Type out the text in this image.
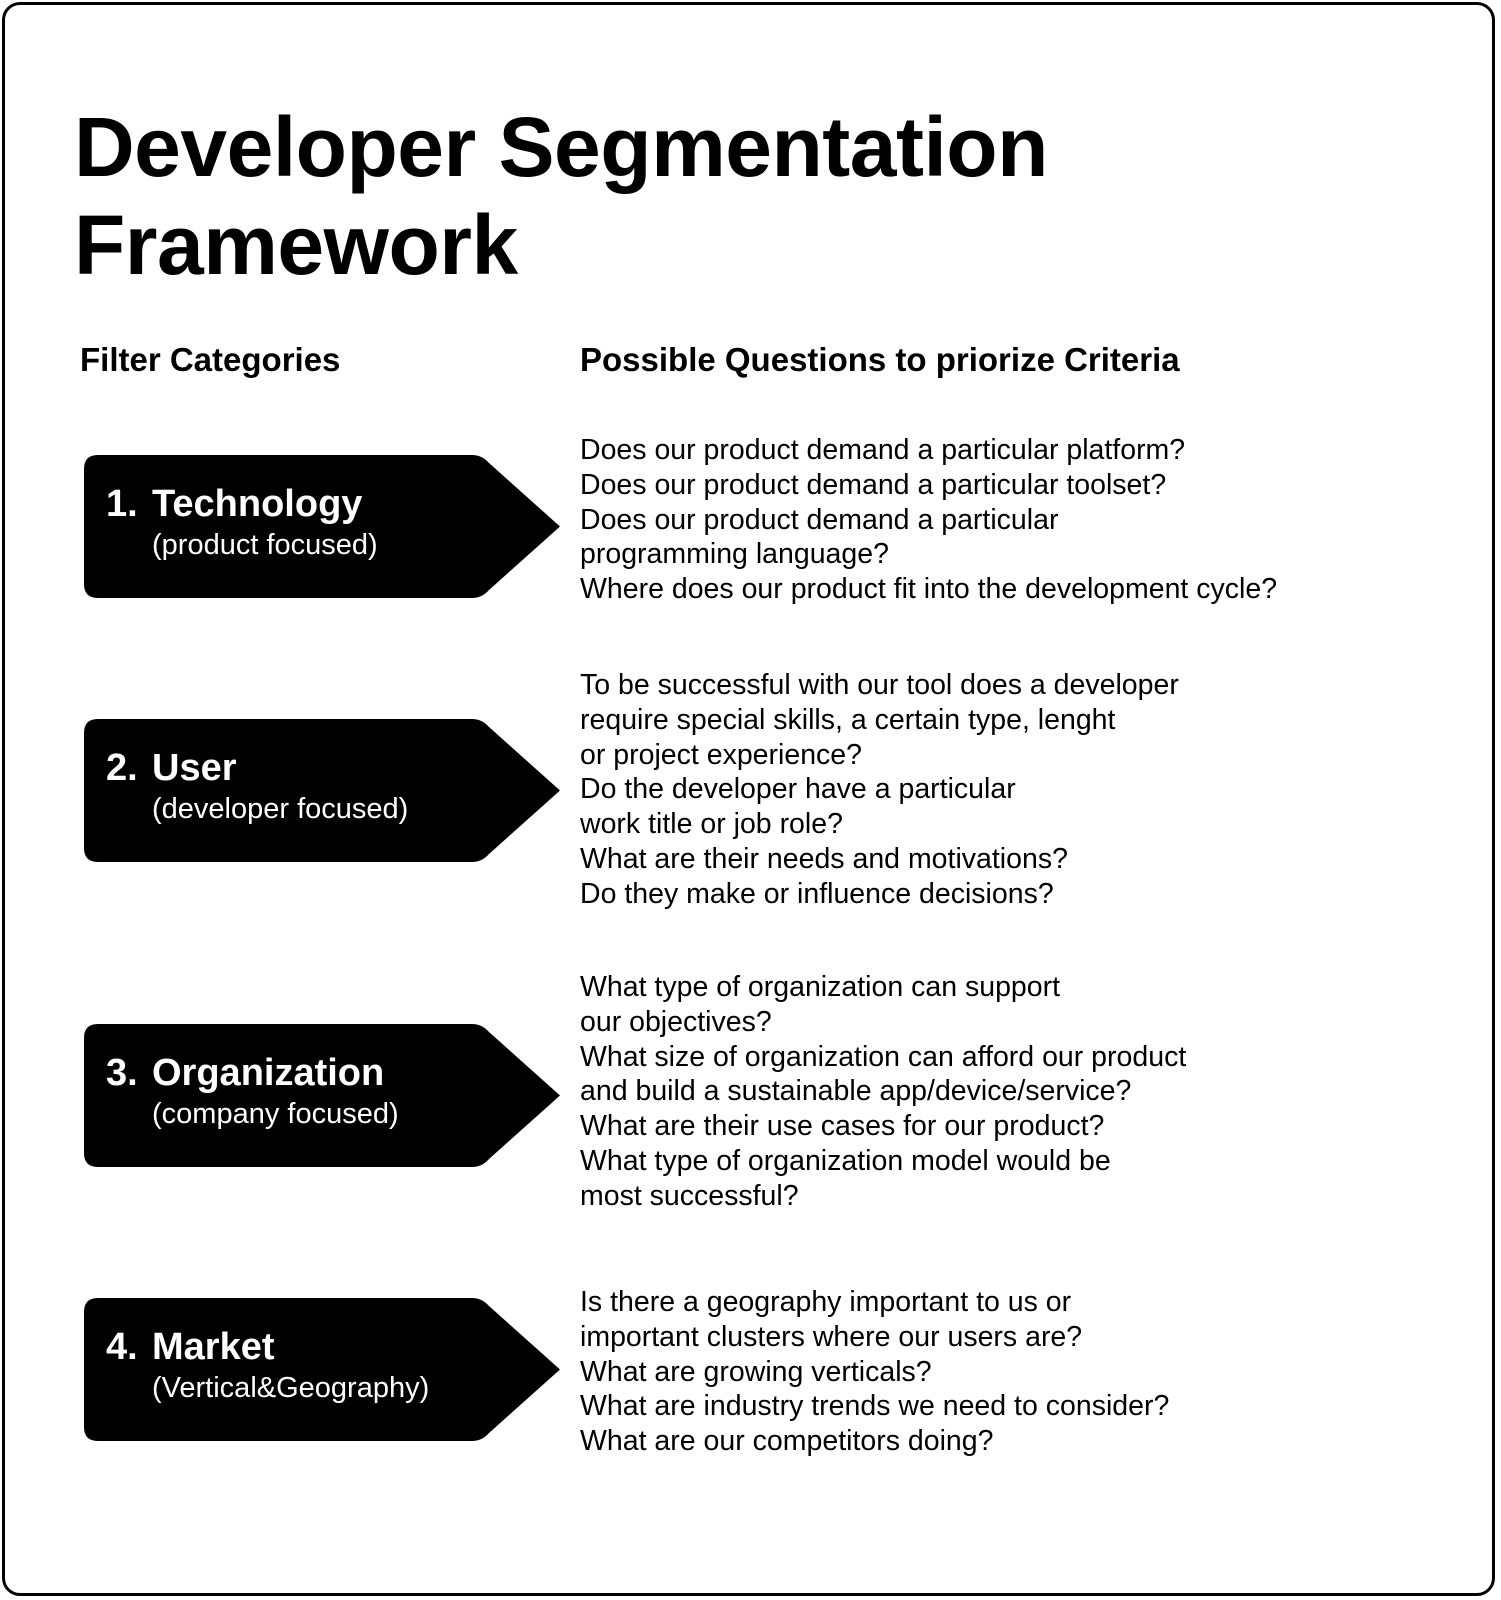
Developer Segmentation
Framework
Filter Categories	Possible Questions to priorize Criteria
1. Technology
(product focused)
Does our product demand a particular platform?
Does our product demand a particular toolset?
Does our product demand a particular
programming language?
Where does our product fit into the development cycle?
2. User
(developer focused)
To be successful with our tool does a developer
require special skills, a certain type, lenght
or project experience?
Do the developer have a particular
work title or job role?
What are their needs and motivations?
Do they make or influence decisions?
3. Organization
(company focused)
What type of organization can support
our objectives?
What size of organization can afford our product
and build a sustainable app/device/service?
What are their use cases for our product?
What type of organization model would be
most successful?
4. Market
(Vertical&Geography)
Is there a geography important to us or
important clusters where our users are?
What are growing verticals?
What are industry trends we need to consider?
What are our competitors doing?
